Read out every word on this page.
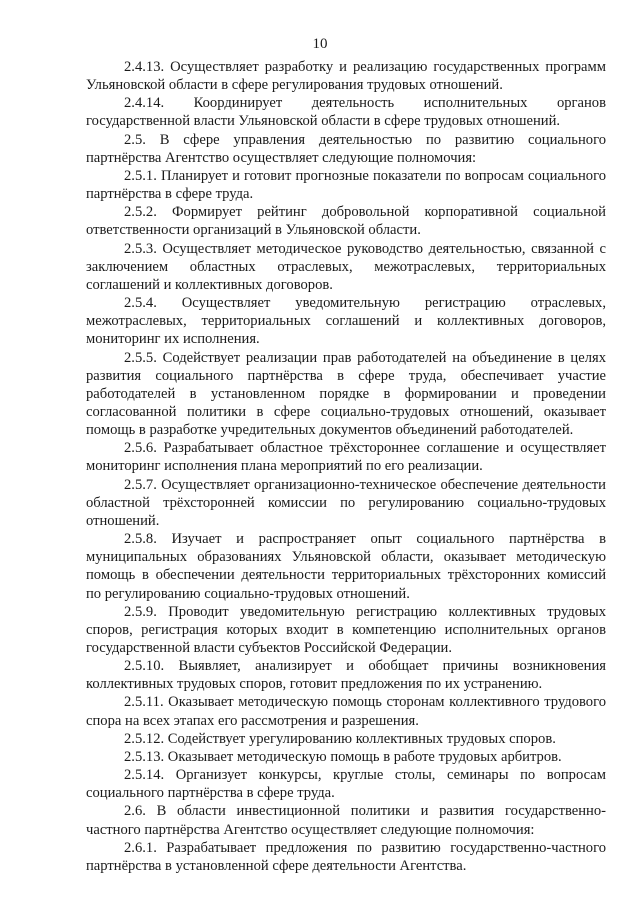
10

2.4.13. Осуществляет разработку и реализацию государственных программ Ульяновской области в сфере регулирования трудовых отношений.

2.4.14. Координирует деятельность исполнительных органов государственной власти Ульяновской области в сфере трудовых отношений.

2.5. В сфере управления деятельностью по развитию социального партнёрства Агентство осуществляет следующие полномочия:

2.5.1. Планирует и готовит прогнозные показатели по вопросам социального партнёрства в сфере труда.

2.5.2. Формирует рейтинг добровольной корпоративной социальной ответственности организаций в Ульяновской области.

2.5.3. Осуществляет методическое руководство деятельностью, связанной с заключением областных отраслевых, межотраслевых, территориальных соглашений и коллективных договоров.

2.5.4. Осуществляет уведомительную регистрацию отраслевых, межотраслевых, территориальных соглашений и коллективных договоров, мониторинг их исполнения.

2.5.5. Содействует реализации прав работодателей на объединение в целях развития социального партнёрства в сфере труда, обеспечивает участие работодателей в установленном порядке в формировании и проведении согласованной политики в сфере социально-трудовых отношений, оказывает помощь в разработке учредительных документов объединений работодателей.

2.5.6. Разрабатывает областное трёхстороннее соглашение и осуществляет мониторинг исполнения плана мероприятий по его реализации.

2.5.7. Осуществляет организационно-техническое обеспечение деятельности областной трёхсторонней комиссии по регулированию социально-трудовых отношений.

2.5.8. Изучает и распространяет опыт социального партнёрства в муниципальных образованиях Ульяновской области, оказывает методическую помощь в обеспечении деятельности территориальных трёхсторонних комиссий по регулированию социально-трудовых отношений.

2.5.9. Проводит уведомительную регистрацию коллективных трудовых споров, регистрация которых входит в компетенцию исполнительных органов государственной власти субъектов Российской Федерации.

2.5.10. Выявляет, анализирует и обобщает причины возникновения коллективных трудовых споров, готовит предложения по их устранению.

2.5.11. Оказывает методическую помощь сторонам коллективного трудового спора на всех этапах его рассмотрения и разрешения.

2.5.12. Содействует урегулированию коллективных трудовых споров.

2.5.13. Оказывает методическую помощь в работе трудовых арбитров.

2.5.14. Организует конкурсы, круглые столы, семинары по вопросам социального партнёрства в сфере труда.

2.6. В области инвестиционной политики и развития государственно-частного партнёрства Агентство осуществляет следующие полномочия:

2.6.1. Разрабатывает предложения по развитию государственно-частного партнёрства в установленной сфере деятельности Агентства.
